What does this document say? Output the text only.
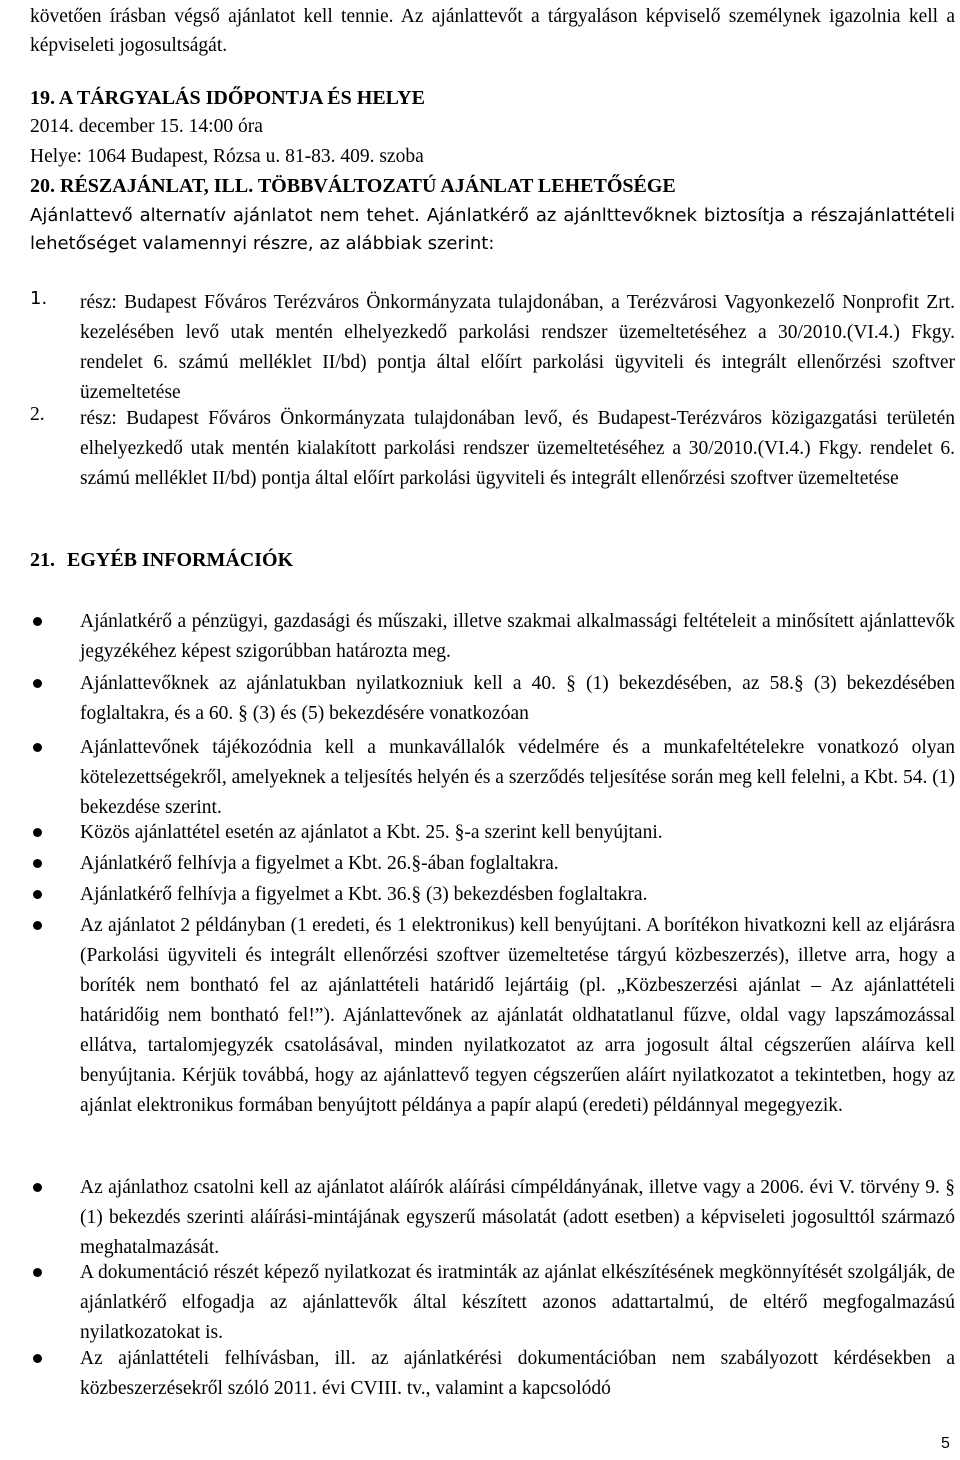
követően írásban végső ajánlatot kell tennie. Az ajánlattevőt a tárgyaláson képviselő személynek igazolnia kell a képviseleti jogosultságát.
19. A TÁRGYALÁS IDŐPONTJA ÉS HELYE
2014. december 15. 14:00 óra
Helye: 1064 Budapest, Rózsa u. 81-83. 409. szoba
20. RÉSZAJÁNLAT, ILL. TÖBBVÁLTOZATÚ AJÁNLAT LEHETŐSÉGE
Ajánlattevő alternatív ajánlatot nem tehet. Ajánlatkérő az ajánlttevőknek biztosítja a részajánlattételi lehetőséget valamennyi részre, az alábbiak szerint:
1. rész: Budapest Főváros Terézváros Önkormányzata tulajdonában, a Terézvárosi Vagyonkezelő Nonprofit Zrt. kezelésében levő utak mentén elhelyezkedő parkolási rendszer üzemeltetéséhez a 30/2010.(VI.4.) Fkgy. rendelet 6. számú melléklet II/bd) pontja által előírt parkolási ügyviteli és integrált ellenőrzési szoftver üzemeltetése
2. rész: Budapest Főváros Önkormányzata tulajdonában levő, és Budapest-Terézváros közigazgatási területén elhelyezkedő utak mentén kialakított parkolási rendszer üzemeltetéséhez a 30/2010.(VI.4.) Fkgy. rendelet 6. számú melléklet II/bd) pontja által előírt parkolási ügyviteli és integrált ellenőrzési szoftver üzemeltetése
21. EGYÉB INFORMÁCIÓK
Ajánlatkérő a pénzügyi, gazdasági és műszaki, illetve szakmai alkalmassági feltételeit a minősített ajánlattevők jegyzékéhez képest szigorúbban határozta meg.
Ajánlattevőknek az ajánlatukban nyilatkozniuk kell a 40. § (1) bekezdésében, az 58.§ (3) bekezdésében foglaltakra, és a 60. § (3) és (5) bekezdésére vonatkozóan
Ajánlattevőnek tájékozódnia kell a munkavállalók védelmére és a munkafeltételekre vonatkozó olyan kötelezettségekről, amelyeknek a teljesítés helyén és a szerződés teljesítése során meg kell felelni, a Kbt. 54. (1) bekezdése szerint.
Közös ajánlattétel esetén az ajánlatot a Kbt. 25. §-a szerint kell benyújtani.
Ajánlatkérő felhívja a figyelmet a Kbt. 26.§-ában foglaltakra.
Ajánlatkérő felhívja a figyelmet a Kbt. 36.§ (3) bekezdésben foglaltakra.
Az ajánlatot 2 példányban (1 eredeti, és 1 elektronikus) kell benyújtani. A borítékon hivatkozni kell az eljárásra (Parkolási ügyviteli és integrált ellenőrzési szoftver üzemeltetése tárgyú közbeszerzés), illetve arra, hogy a boríték nem bontható fel az ajánlattételi határidő lejártáig (pl. „Közbeszerzési ajánlat – Az ajánlattételi határidőig nem bontható fel!”). Ajánlattevőnek az ajánlatát oldhatatlanul fűzve, oldal vagy lapszámozással ellátva, tartalomjegyzék csatolásával, minden nyilatkozatot az arra jogosult által cégszerűen aláírva kell benyújtania. Kérjük továbbá, hogy az ajánlattevő tegyen cégszerűen aláírt nyilatkozatot a tekintetben, hogy az ajánlat elektronikus formában benyújtott példánya a papír alapú (eredeti) példánnyal megegyezik.
Az ajánlathoz csatolni kell az ajánlatot aláírók aláírási címpéldányának, illetve vagy a 2006. évi V. törvény 9. § (1) bekezdés szerinti aláírási-mintájának egyszerű másolatát (adott esetben) a képviseleti jogosulttól származó meghatalmazását.
A dokumentáció részét képező nyilatkozat és iratminták az ajánlat elkészítésének megkönnyítését szolgálják, de ajánlatkérő elfogadja az ajánlattevők által készített azonos adattartalmú, de eltérő megfogalmazású nyilatkozatokat is.
Az ajánlattételi felhívásban, ill. az ajánlatkérési dokumentációban nem szabályozott kérdésekben a közbeszerzésekről szóló 2011. évi CVIII. tv., valamint a kapcsolódó
5
